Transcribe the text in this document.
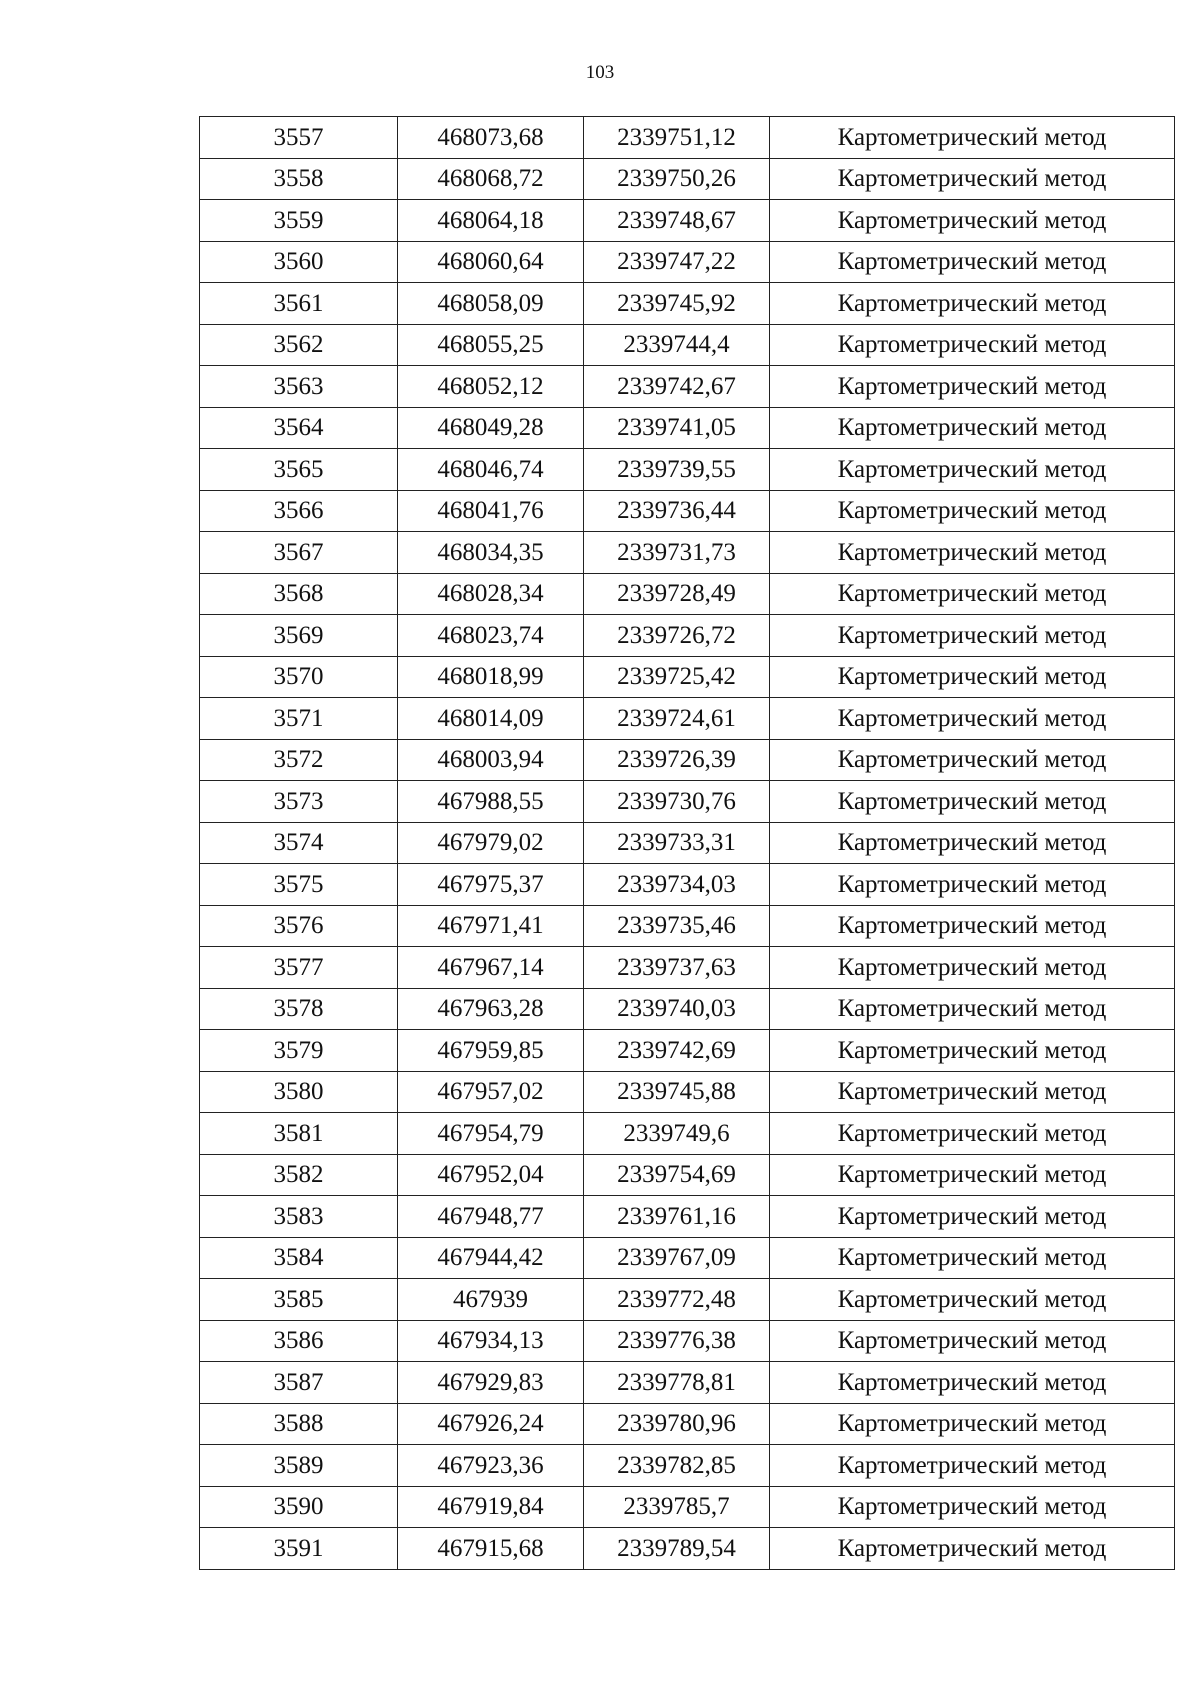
103
3557	468073,68	2339751,12	Картометрический метод
3558	468068,72	2339750,26	Картометрический метод
3559	468064,18	2339748,67	Картометрический метод
3560	468060,64	2339747,22	Картометрический метод
3561	468058,09	2339745,92	Картометрический метод
3562	468055,25	2339744,4	Картометрический метод
3563	468052,12	2339742,67	Картометрический метод
3564	468049,28	2339741,05	Картометрический метод
3565	468046,74	2339739,55	Картометрический метод
3566	468041,76	2339736,44	Картометрический метод
3567	468034,35	2339731,73	Картометрический метод
3568	468028,34	2339728,49	Картометрический метод
3569	468023,74	2339726,72	Картометрический метод
3570	468018,99	2339725,42	Картометрический метод
3571	468014,09	2339724,61	Картометрический метод
3572	468003,94	2339726,39	Картометрический метод
3573	467988,55	2339730,76	Картометрический метод
3574	467979,02	2339733,31	Картометрический метод
3575	467975,37	2339734,03	Картометрический метод
3576	467971,41	2339735,46	Картометрический метод
3577	467967,14	2339737,63	Картометрический метод
3578	467963,28	2339740,03	Картометрический метод
3579	467959,85	2339742,69	Картометрический метод
3580	467957,02	2339745,88	Картометрический метод
3581	467954,79	2339749,6	Картометрический метод
3582	467952,04	2339754,69	Картометрический метод
3583	467948,77	2339761,16	Картометрический метод
3584	467944,42	2339767,09	Картометрический метод
3585	467939	2339772,48	Картометрический метод
3586	467934,13	2339776,38	Картометрический метод
3587	467929,83	2339778,81	Картометрический метод
3588	467926,24	2339780,96	Картометрический метод
3589	467923,36	2339782,85	Картометрический метод
3590	467919,84	2339785,7	Картометрический метод
3591	467915,68	2339789,54	Картометрический метод
